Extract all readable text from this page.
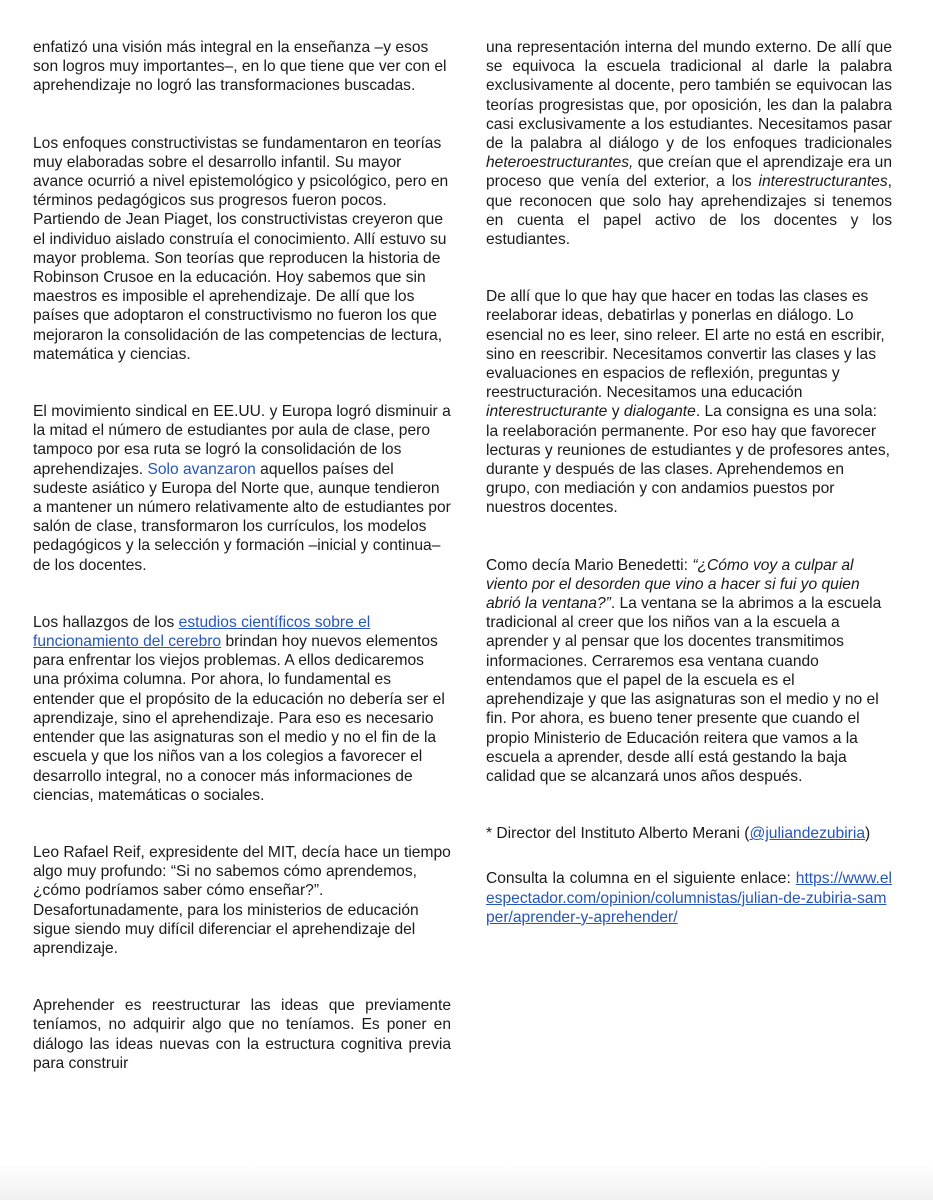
enfatizó una visión más integral en la enseñanza –y esos son logros muy importantes–, en lo que tiene que ver con el aprehendizaje no logró las transformaciones buscadas.

Los enfoques constructivistas se fundamentaron en teorías muy elaboradas sobre el desarrollo infantil. Su mayor avance ocurrió a nivel epistemológico y psicológico, pero en términos pedagógicos sus progresos fueron pocos. Partiendo de Jean Piaget, los constructivistas creyeron que el individuo aislado construía el conocimiento. Allí estuvo su mayor problema. Son teorías que reproducen la historia de Robinson Crusoe en la educación. Hoy sabemos que sin maestros es imposible el aprehendizaje. De allí que los países que adoptaron el constructivismo no fueron los que mejoraron la consolidación de las competencias de lectura, matemática y ciencias.

El movimiento sindical en EE.UU. y Europa logró disminuir a la mitad el número de estudiantes por aula de clase, pero tampoco por esa ruta se logró la consolidación de los aprehendizajes. Solo avanzaron aquellos países del sudeste asiático y Europa del Norte que, aunque tendieron a mantener un número relativamente alto de estudiantes por salón de clase, transformaron los currículos, los modelos pedagógicos y la selección y formación –inicial y continua– de los docentes.

Los hallazgos de los estudios científicos sobre el funcionamiento del cerebro brindan hoy nuevos elementos para enfrentar los viejos problemas. A ellos dedicaremos una próxima columna. Por ahora, lo fundamental es entender que el propósito de la educación no debería ser el aprendizaje, sino el aprehendizaje. Para eso es necesario entender que las asignaturas son el medio y no el fin de la escuela y que los niños van a los colegios a favorecer el desarrollo integral, no a conocer más informaciones de ciencias, matemáticas o sociales.

Leo Rafael Reif, expresidente del MIT, decía hace un tiempo algo muy profundo: “Si no sabemos cómo aprendemos, ¿cómo podríamos saber cómo enseñar?”. Desafortunadamente, para los ministerios de educación sigue siendo muy difícil diferenciar el aprehendizaje del aprendizaje.

Aprehender es reestructurar las ideas que previamente teníamos, no adquirir algo que no teníamos. Es poner en diálogo las ideas nuevas con la estructura cognitiva previa para construir

una representación interna del mundo externo. De allí que se equivoca la escuela tradicional al darle la palabra exclusivamente al docente, pero también se equivocan las teorías progresistas que, por oposición, les dan la palabra casi exclusivamente a los estudiantes. Necesitamos pasar de la palabra al diálogo y de los enfoques tradicionales heteroestructurantes, que creían que el aprendizaje era un proceso que venía del exterior, a los interestructurantes, que reconocen que solo hay aprehendizajes si tenemos en cuenta el papel activo de los docentes y los estudiantes.

De allí que lo que hay que hacer en todas las clases es reelaborar ideas, debatirlas y ponerlas en diálogo. Lo esencial no es leer, sino releer. El arte no está en escribir, sino en reescribir. Necesitamos convertir las clases y las evaluaciones en espacios de reflexión, preguntas y reestructuración. Necesitamos una educación interestructurante y dialogante. La consigna es una sola: la reelaboración permanente. Por eso hay que favorecer lecturas y reuniones de estudiantes y de profesores antes, durante y después de las clases. Aprehendemos en grupo, con mediación y con andamios puestos por nuestros docentes.

Como decía Mario Benedetti: “¿Cómo voy a culpar al viento por el desorden que vino a hacer si fui yo quien abrió la ventana?”. La ventana se la abrimos a la escuela tradicional al creer que los niños van a la escuela a aprender y al pensar que los docentes transmitimos informaciones. Cerraremos esa ventana cuando entendamos que el papel de la escuela es el aprehendizaje y que las asignaturas son el medio y no el fin. Por ahora, es bueno tener presente que cuando el propio Ministerio de Educación reitera que vamos a la escuela a aprender, desde allí está gestando la baja calidad que se alcanzará unos años después.

* Director del Instituto Alberto Merani (@juliandezubiria)

Consulta la columna en el siguiente enlace: https://www.elespectador.com/opinion/columnistas/julian-de-zubiria-samper/aprender-y-aprehender/
